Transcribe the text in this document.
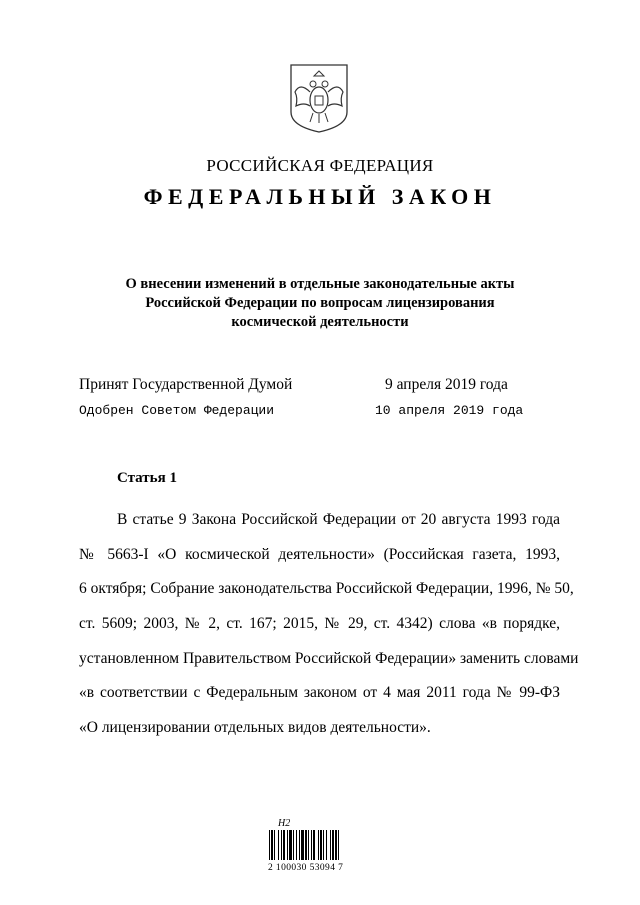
РОССИЙСКАЯ ФЕДЕРАЦИЯ
ФЕДЕРАЛЬНЫЙ ЗАКОН
О внесении изменений в отдельные законодательные акты
Российской Федерации по вопросам лицензирования
космической деятельности
Принят Государственной Думой	9 апреля 2019 года
Одобрен Советом Федерации	10 апреля 2019 года
Статья 1
В статье 9 Закона Российской Федерации от 20 августа 1993 года
№ 5663-I «О космической деятельности» (Российская газета, 1993,
6 октября; Собрание законодательства Российской Федерации, 1996, № 50,
ст. 5609; 2003, № 2, ст. 167; 2015, № 29, ст. 4342) слова «в порядке,
установленном Правительством Российской Федерации» заменить словами
«в соответствии с Федеральным законом от 4 мая 2011 года № 99-ФЗ
«О лицензировании отдельных видов деятельности».
Н2
2 100030 53094 7
